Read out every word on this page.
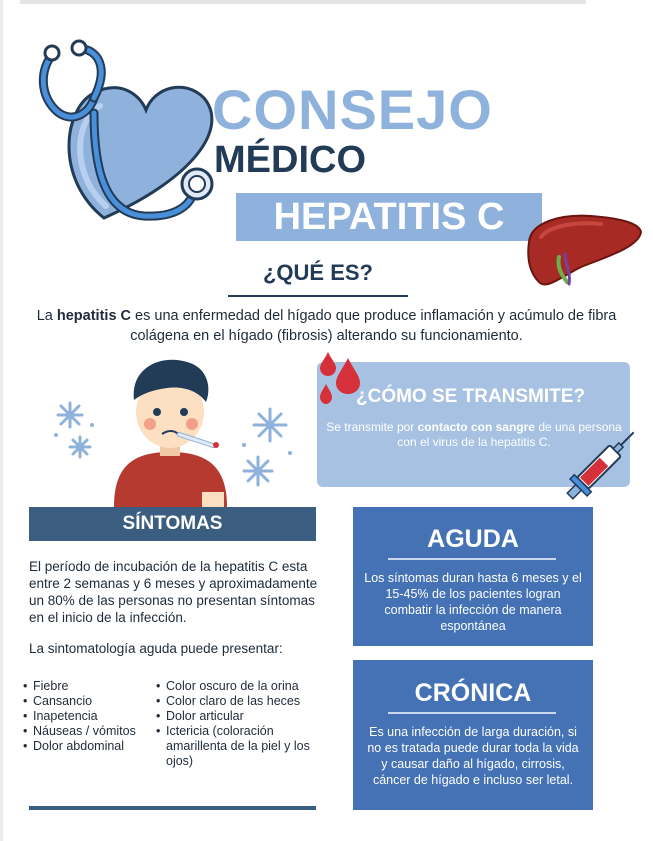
CONSEJO
MÉDICO
HEPATITIS C
¿QUÉ ES?
La hepatitis C es una enfermedad del hígado que produce inflamación y acúmulo de fibra colágena en el hígado (fibrosis) alterando su funcionamiento.
¿CÓMO SE TRANSMITE?
Se transmite por contacto con sangre de una persona con el virus de la hepatitis C.
SÍNTOMAS
El período de incubación de la hepatitis C esta entre 2 semanas y 6 meses y aproximadamente un 80% de las personas no presentan síntomas en el inicio de la infección.
La sintomatología aguda puede presentar:
• Fiebre
• Cansancio
• Inapetencia
• Náuseas / vómitos
• Dolor abdominal
• Color oscuro de la orina
• Color claro de las heces
• Dolor articular
• Ictericia (coloración amarillenta de la piel y los ojos)
AGUDA
Los síntomas duran hasta 6 meses y el 15-45% de los pacientes logran combatir la infección de manera espontánea
CRÓNICA
Es una infección de larga duración, si no es tratada puede durar toda la vida y causar daño al hígado, cirrosis, cáncer de hígado e incluso ser letal.
